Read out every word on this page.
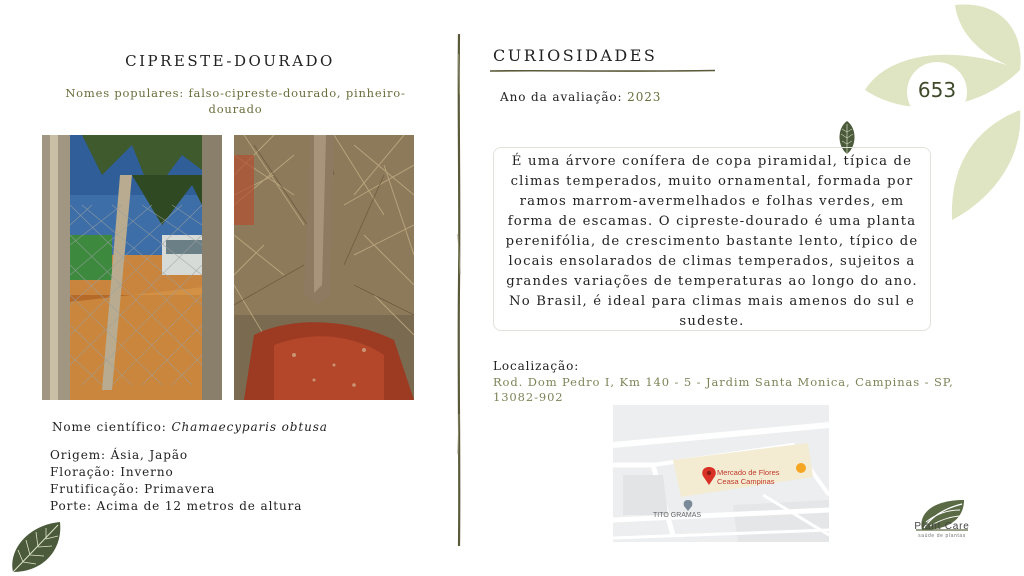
653
CIPRESTE-DOURADO
Nomes populares: falso-cipreste-dourado, pinheiro-dourado
Nome científico: Chamaecyparis obtusa
Origem: Ásia, Japão
Floração: Inverno
Frutificação: Primavera
Porte: Acima de 12 metros de altura
CURIOSIDADES
Ano da avaliação: 2023
É uma árvore conífera de copa piramidal, típica de climas temperados, muito ornamental, formada por ramos marrom-avermelhados e folhas verdes, em forma de escamas. O cipreste-dourado é uma planta perenifólia, de crescimento bastante lento, típico de locais ensolarados de climas temperados, sujeitos a grandes variações de temperaturas ao longo do ano. No Brasil, é ideal para climas mais amenos do sul e sudeste.
Localização:
Rod. Dom Pedro I, Km 140 - 5 - Jardim Santa Monica, Campinas - SP, 13082-902
Mercado de Flores
Ceasa Campinas
TITO GRAMAS
Plant Care
saúde de plantas
